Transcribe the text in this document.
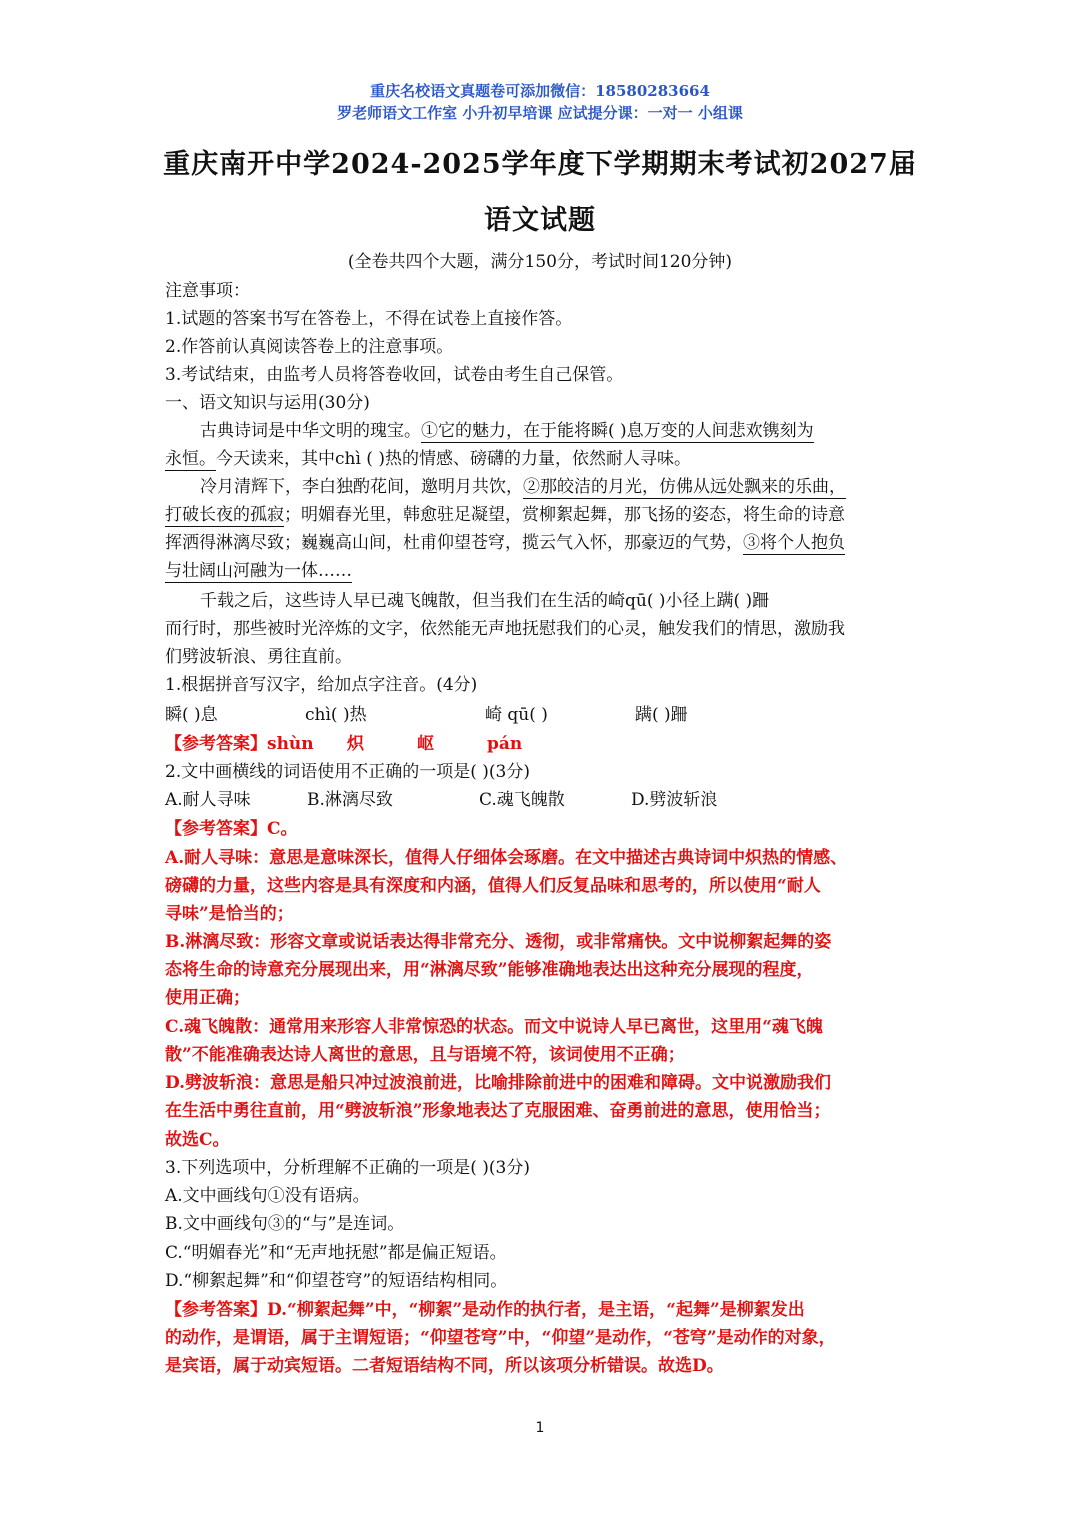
重庆名校语文真题卷可添加微信：18580283664
罗老师语文工作室 小升初早培课 应试提分课：一对一 小组课
重庆南开中学2024-2025学年度下学期期末考试初2027届
语文试题
(全卷共四个大题，满分150分，考试时间120分钟)
注意事项：
1.试题的答案书写在答卷上，不得在试卷上直接作答。
2.作答前认真阅读答卷上的注意事项。
3.考试结束，由监考人员将答卷收回，试卷由考生自己保管。
一、语文知识与运用(30分)
古典诗词是中华文明的瑰宝。①它的魅力，在于能将瞬( )息万变的人间悲欢镌刻为
永恒。今天读来，其中chì ( )热的情感、磅礴的力量，依然耐人寻味。
冷月清辉下，李白独酌花间，邀明月共饮，②那皎洁的月光，仿佛从远处飘来的乐曲，
打破长夜的孤寂；明媚春光里，韩愈驻足凝望，赏柳絮起舞，那飞扬的姿态，将生命的诗意
挥洒得淋漓尽致；巍巍高山间，杜甫仰望苍穹，揽云气入怀，那豪迈的气势，③将个人抱负
与壮阔山河融为一体……
千载之后，这些诗人早已魂飞魄散，但当我们在生活的崎qū( )小径上蹒( )跚
而行时，那些被时光淬炼的文字，依然能无声地抚慰我们的心灵，触发我们的情思，激励我
们劈波斩浪、勇往直前。
1.根据拼音写汉字，给加点字注音。(4分)
瞬( )息	chì( )热	崎 qū( )	蹒( )跚
【参考答案】shùn 炽	岖	pán
2.文中画横线的词语使用不正确的一项是( )(3分)
A.耐人寻味	B.淋漓尽致	C.魂飞魄散	D.劈波斩浪
【参考答案】C。
A.耐人寻味：意思是意味深长，值得人仔细体会琢磨。在文中描述古典诗词中炽热的情感、
磅礴的力量，这些内容是具有深度和内涵，值得人们反复品味和思考的，所以使用“耐人
寻味”是恰当的；
B.淋漓尽致：形容文章或说话表达得非常充分、透彻，或非常痛快。文中说柳絮起舞的姿
态将生命的诗意充分展现出来，用“淋漓尽致”能够准确地表达出这种充分展现的程度，
使用正确；
C.魂飞魄散：通常用来形容人非常惊恐的状态。而文中说诗人早已离世，这里用“魂飞魄
散”不能准确表达诗人离世的意思，且与语境不符，该词使用不正确；
D.劈波斩浪：意思是船只冲过波浪前进，比喻排除前进中的困难和障碍。文中说激励我们
在生活中勇往直前，用“劈波斩浪”形象地表达了克服困难、奋勇前进的意思，使用恰当；
故选C。
3.下列选项中，分析理解不正确的一项是( )(3分)
A.文中画线句①没有语病。
B.文中画线句③的“与”是连词。
C.“明媚春光”和“无声地抚慰”都是偏正短语。
D.“柳絮起舞”和“仰望苍穹”的短语结构相同。
【参考答案】D.“柳絮起舞”中，“柳絮”是动作的执行者，是主语，“起舞”是柳絮发出
的动作，是谓语，属于主谓短语；“仰望苍穹”中，“仰望”是动作，“苍穹”是动作的对象，
是宾语，属于动宾短语。二者短语结构不同，所以该项分析错误。故选D。
1
